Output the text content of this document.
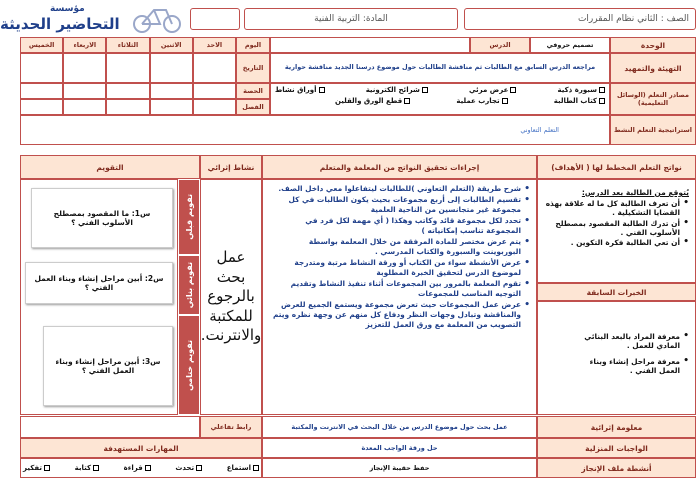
مؤسسة
التحاضير الحديثة	الصف : الثاني نظام المقررات
المادة: التربية الفنية
الوحدة
تصميم حروفي
الدرس
اليوم
الاحد
الاثنين
الثلاثاء
الاربعاء
الخميس
التهيئة والتمهيد
مراجعه الدرس السابق مع الطالبات ثم مناقشة الطالبات حول موضوع درسنا الجديد مناقشة حوارية
التاريخ
مصادر التعلم (الوسائل التعليمية)
سبورة ذكية
عرض مرئي
شرائح الكترونية
أوراق نشاط
كتاب الطالبة
تجارب عملية
قطع الورق والقلين
الحصة
الفصل
استراتيجية التعلم النشط
التعلم التعاوني
نواتج التعلم المخطط لها ( الأهداف)
إجراءات تحقيق النواتج من المعلمة والمتعلم
نشاط إثرائي
التقويم
يُتوقع من الطالبة بعد الدرس:
• أن تعرف الطالبة كل ما له علاقة بهذه القضايا التشكيلية .
• أن تدرك الطالبة المقصود بمصطلح الأسلوب الفني .
• أن تعي الطالبة فكرة التكوين .
الخبرات السابقة
• معرفة المراد بالبعد البنائي المادي للعمل .
• معرفة مراحل إنشاء وبناء العمل الفني .
• شرح طريقة (التعلم التعاوني )للطالبات ليتفاعلوا معي داخل الصف.
• تقسيم الطالبات إلى أربع مجموعات بحيث يكون الطالبات في كل مجموعة غير متجانسين من الناحية العلمية
• تحدد لكل مجموعة قائد وكاتب وهكذا ( أي مهمة لكل فرد في المجموعة تناسب إمكانياته )
• يتم عرض مختصر للمادة المرفقة من خلال المعلمة بواسطة البوربوينت والسبورة والكتاب المدرسي .
• عرض الأنشطة سواء من الكتاب أو ورقة النشاط مرتبة ومتدرجة لموضوع الدرس لتحقيق الخبرة المطلوبة
• تقوم المعلمة بالمرور بين المجموعات أثناء تنفيذ النشاط وتقديم التوجيه المناسب للمجموعات
• عرض عمل المجموعات حيث تعرض مجموعة ويستمع الجميع للعرض والمناقشة وتبادل وجهات النظر ودفاع كل منهم عن وجهة نظره ويتم التصويب من المعلمة مع ورق العمل للتعزيز
عمل بحث بالرجوع للمكتبة والانترنت.
تقويم قبلي
تقويم بنائي
تقويم ختامي
س1: ما المقصود بمصطلح الأسلوب الفني ؟
س2: أبين مراحل إنشاء وبناء العمل الفني ؟
س3: أبين مراحل إنشاء وبناء العمل الفني ؟
معلومة إثرائية
عمل بحث حول موضوع الدرس من خلال البحث في الانترنت والمكتبة
رابط تفاعلي
الواجبات المنزلية
حل ورقة الواجب المعدة
المهارات المستهدفة
أنشطة ملف الإنجاز
حفظ حقيبة الإنجاز
استماع
تحدث
قراءة
كتابة
تفكير
